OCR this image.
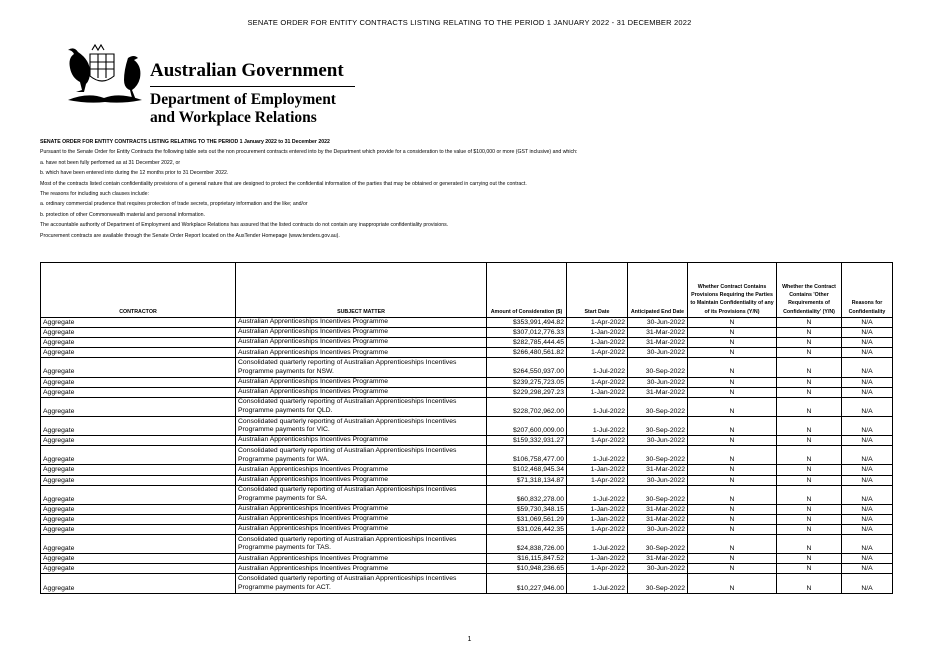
SENATE ORDER FOR ENTITY CONTRACTS LISTING RELATING TO THE PERIOD 1 JANUARY 2022 - 31 DECEMBER 2022
Australian Government
Department of Employment
and Workplace Relations
SENATE ORDER FOR ENTITY CONTRACTS LISTING RELATING TO THE PERIOD 1 January 2022 to 31 December 2022
Pursuant to the Senate Order for Entity Contracts the following table sets out the non procurement contracts entered into by the Department which provide for a consideration to the value of $100,000 or more (GST inclusive) and which:
a. have not been fully performed as at 31 December 2022, or
b. which have been entered into during the 12 months prior to 31 December 2022.
Most of the contracts listed contain confidentiality provisions of a general nature that are designed to protect the confidential information of the parties that may be obtained or generated in carrying out the contract.
The reasons for including such clauses include:
a. ordinary commercial prudence that requires protection of trade secrets, proprietary information and the like; and/or
b. protection of other Commonwealth material and personal information.
The accountable authority of Department of Employment and Workplace Relations has assured that the listed contracts do not contain any inappropriate confidentiality provisions.
Procurement contracts are available through the Senate Order Report located on the AusTender Homepage (www.tenders.gov.au).
CONTRACTOR	SUBJECT MATTER	Amount of Consideration ($)	Start Date	Anticipated End Date	Whether Contract Contains Provisions Requiring the Parties to Maintain Confidentiality of any of its Provisions (Y/N)	Whether the Contract Contains 'Other Requirements of Confidentiality' (Y/N)	Reasons for Confidentiality
Aggregate	Australian Apprenticeships Incentives Programme	$353,991,494.82	1-Apr-2022	30-Jun-2022	N	N	N/A
Aggregate	Australian Apprenticeships Incentives Programme	$307,012,776.33	1-Jan-2022	31-Mar-2022	N	N	N/A
Aggregate	Australian Apprenticeships Incentives Programme	$282,785,444.45	1-Jan-2022	31-Mar-2022	N	N	N/A
Aggregate	Australian Apprenticeships Incentives Programme	$266,480,561.82	1-Apr-2022	30-Jun-2022	N	N	N/A
Aggregate	Consolidated quarterly reporting of Australian Apprenticeships Incentives Programme payments for NSW.	$264,550,937.00	1-Jul-2022	30-Sep-2022	N	N	N/A
Aggregate	Australian Apprenticeships Incentives Programme	$239,275,723.05	1-Apr-2022	30-Jun-2022	N	N	N/A
Aggregate	Australian Apprenticeships Incentives Programme	$229,298,297.23	1-Jan-2022	31-Mar-2022	N	N	N/A
Aggregate	Consolidated quarterly reporting of Australian Apprenticeships Incentives Programme payments for QLD.	$228,702,962.00	1-Jul-2022	30-Sep-2022	N	N	N/A
Aggregate	Consolidated quarterly reporting of Australian Apprenticeships Incentives Programme payments for VIC.	$207,600,009.00	1-Jul-2022	30-Sep-2022	N	N	N/A
Aggregate	Australian Apprenticeships Incentives Programme	$159,332,931.27	1-Apr-2022	30-Jun-2022	N	N	N/A
Aggregate	Consolidated quarterly reporting of Australian Apprenticeships Incentives Programme payments for WA.	$106,758,477.00	1-Jul-2022	30-Sep-2022	N	N	N/A
Aggregate	Australian Apprenticeships Incentives Programme	$102,468,945.34	1-Jan-2022	31-Mar-2022	N	N	N/A
Aggregate	Australian Apprenticeships Incentives Programme	$71,318,134.87	1-Apr-2022	30-Jun-2022	N	N	N/A
Aggregate	Consolidated quarterly reporting of Australian Apprenticeships Incentives Programme payments for SA.	$60,832,278.00	1-Jul-2022	30-Sep-2022	N	N	N/A
Aggregate	Australian Apprenticeships Incentives Programme	$59,730,348.15	1-Jan-2022	31-Mar-2022	N	N	N/A
Aggregate	Australian Apprenticeships Incentives Programme	$31,069,561.29	1-Jan-2022	31-Mar-2022	N	N	N/A
Aggregate	Australian Apprenticeships Incentives Programme	$31,026,442.35	1-Apr-2022	30-Jun-2022	N	N	N/A
Aggregate	Consolidated quarterly reporting of Australian Apprenticeships Incentives Programme payments for TAS.	$24,838,726.00	1-Jul-2022	30-Sep-2022	N	N	N/A
Aggregate	Australian Apprenticeships Incentives Programme	$16,115,847.52	1-Jan-2022	31-Mar-2022	N	N	N/A
Aggregate	Australian Apprenticeships Incentives Programme	$10,948,236.65	1-Apr-2022	30-Jun-2022	N	N	N/A
Aggregate	Consolidated quarterly reporting of Australian Apprenticeships Incentives Programme payments for ACT.	$10,227,946.00	1-Jul-2022	30-Sep-2022	N	N	N/A
1
